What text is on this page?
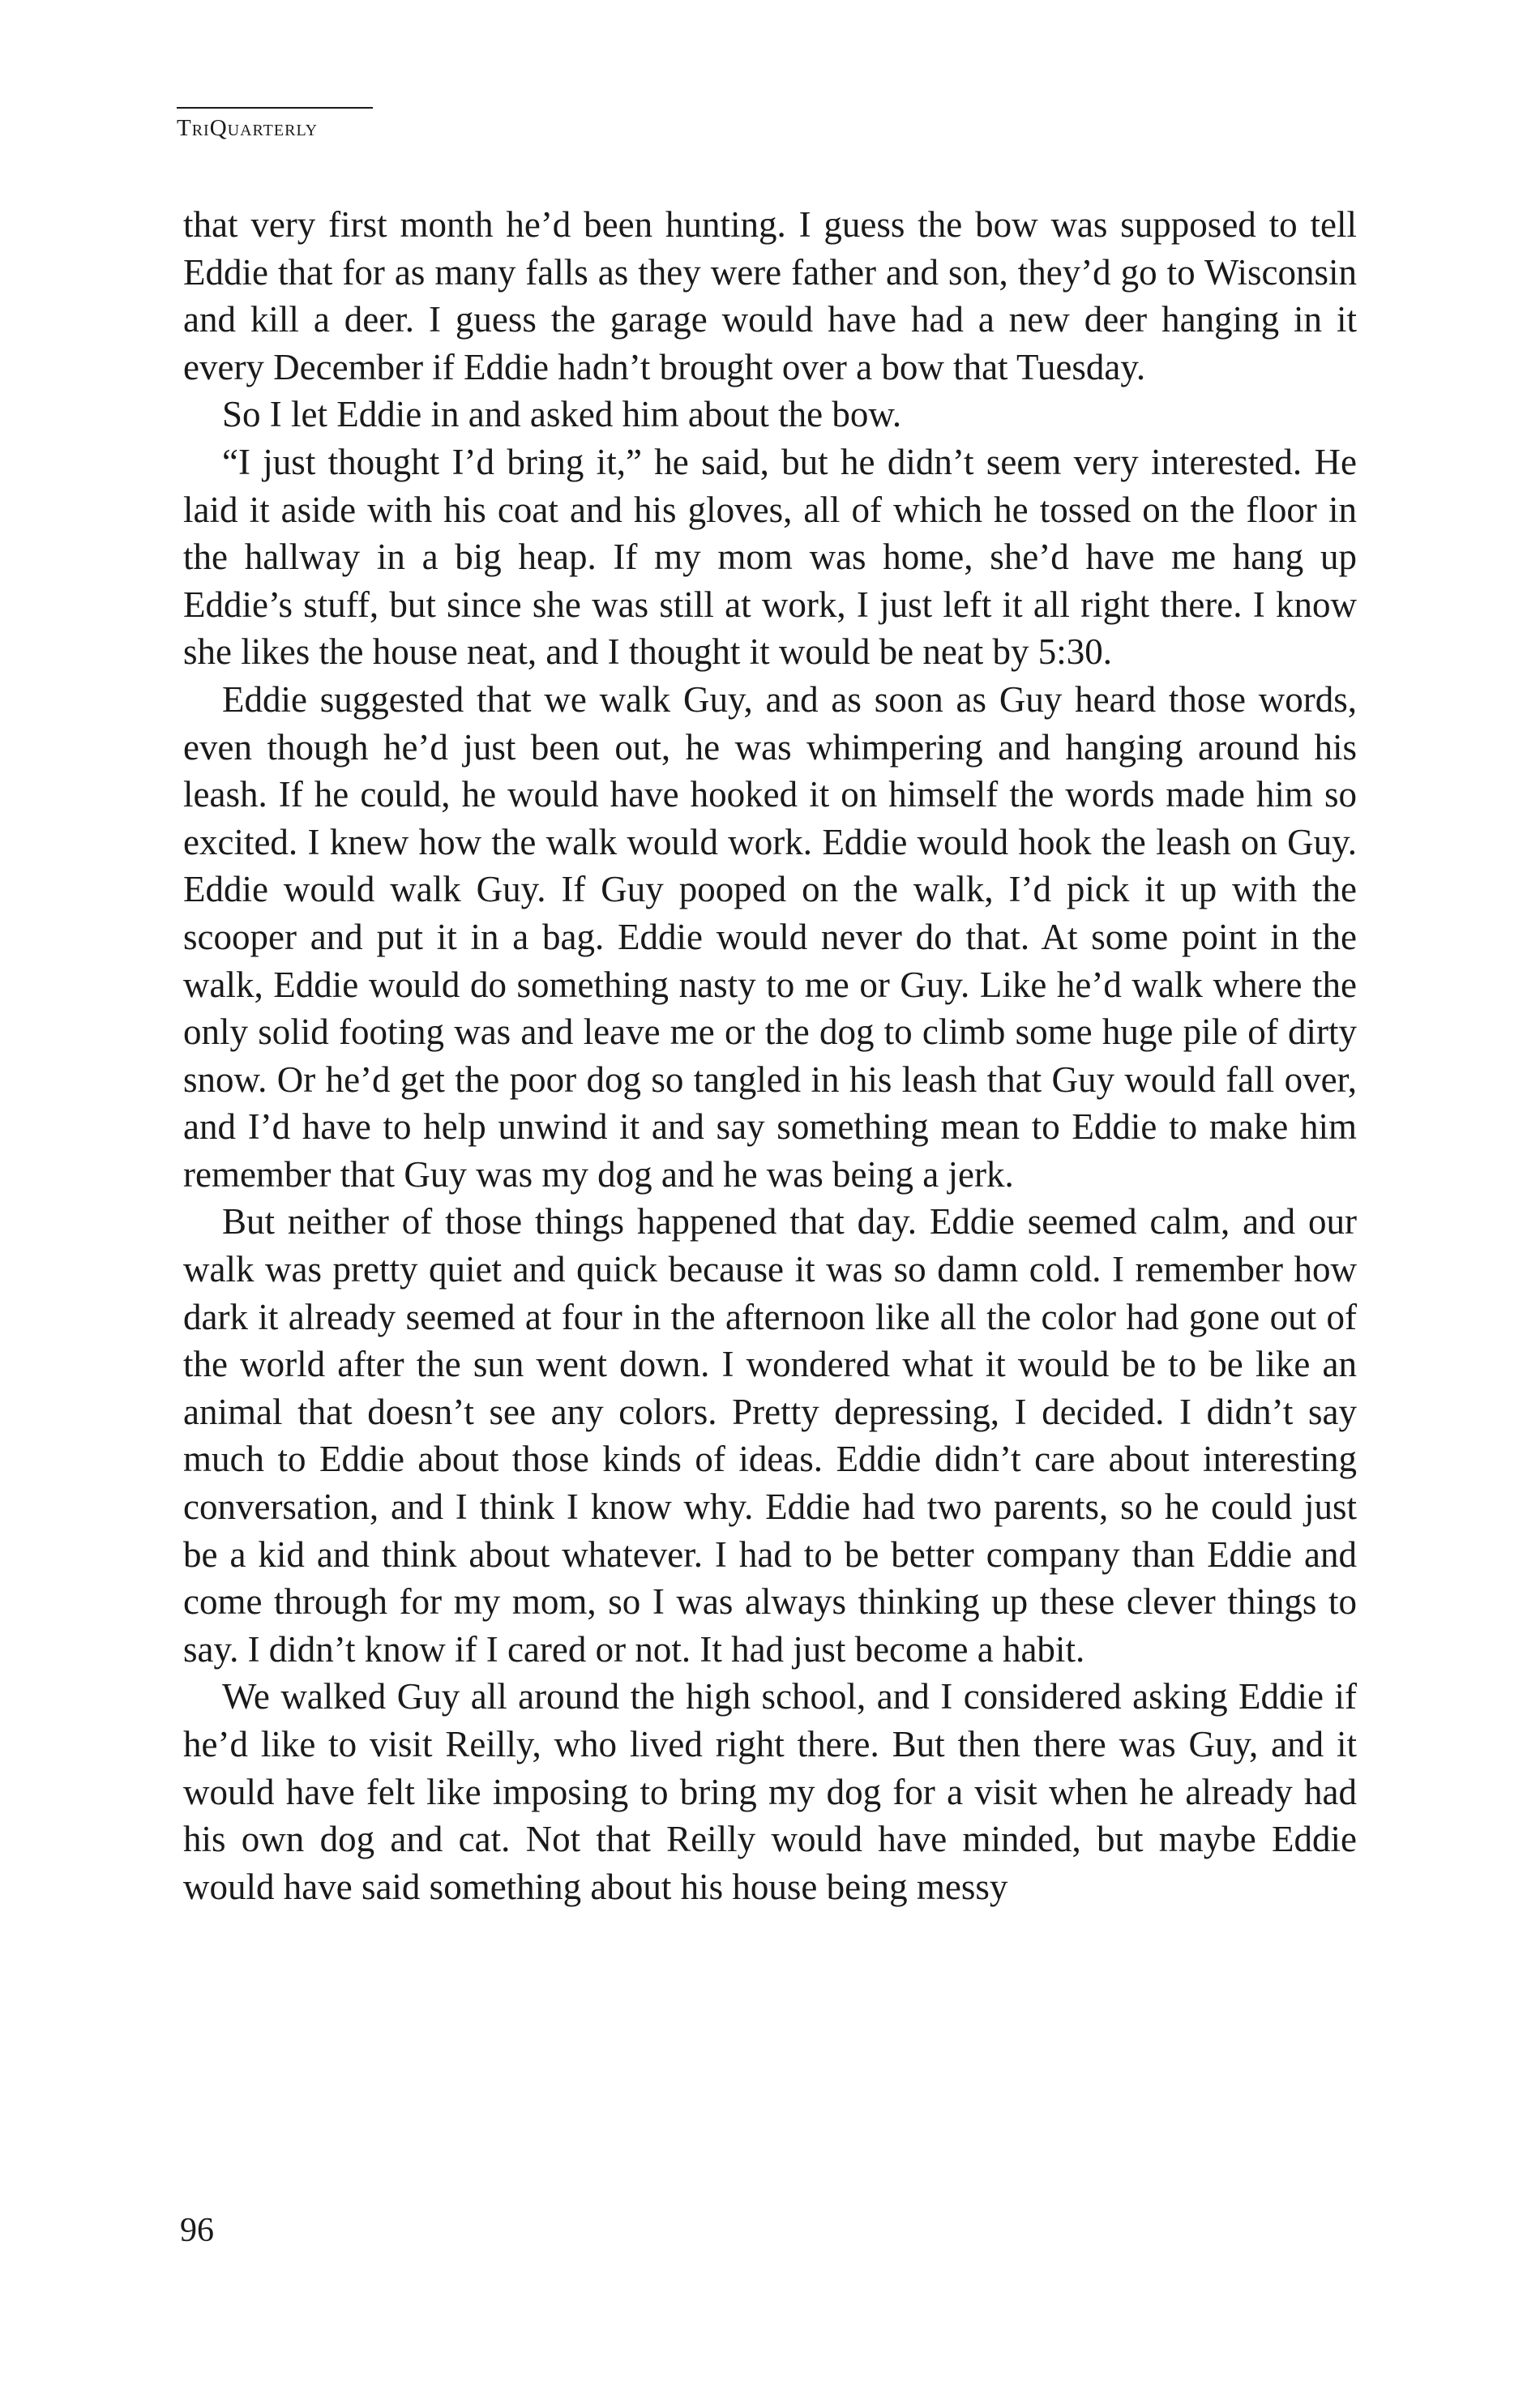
TriQuarterly

that very first month he’d been hunting. I guess the bow was supposed to tell Eddie that for as many falls as they were father and son, they’d go to Wisconsin and kill a deer. I guess the garage would have had a new deer hanging in it every December if Eddie hadn’t brought over a bow that Tuesday.

So I let Eddie in and asked him about the bow.

“I just thought I’d bring it,” he said, but he didn’t seem very interested. He laid it aside with his coat and his gloves, all of which he tossed on the floor in the hallway in a big heap. If my mom was home, she’d have me hang up Eddie’s stuff, but since she was still at work, I just left it all right there. I know she likes the house neat, and I thought it would be neat by 5:30.

Eddie suggested that we walk Guy, and as soon as Guy heard those words, even though he’d just been out, he was whimpering and hanging around his leash. If he could, he would have hooked it on himself the words made him so excited. I knew how the walk would work. Eddie would hook the leash on Guy. Eddie would walk Guy. If Guy pooped on the walk, I’d pick it up with the scooper and put it in a bag. Eddie would never do that. At some point in the walk, Eddie would do something nasty to me or Guy. Like he’d walk where the only solid footing was and leave me or the dog to climb some huge pile of dirty snow. Or he’d get the poor dog so tangled in his leash that Guy would fall over, and I’d have to help unwind it and say something mean to Eddie to make him remember that Guy was my dog and he was being a jerk.

But neither of those things happened that day. Eddie seemed calm, and our walk was pretty quiet and quick because it was so damn cold. I remember how dark it already seemed at four in the afternoon like all the color had gone out of the world after the sun went down. I wondered what it would be to be like an animal that doesn’t see any colors. Pretty depressing, I decided. I didn’t say much to Eddie about those kinds of ideas. Eddie didn’t care about interesting conversation, and I think I know why. Eddie had two parents, so he could just be a kid and think about whatever. I had to be better company than Eddie and come through for my mom, so I was always thinking up these clever things to say. I didn’t know if I cared or not. It had just become a habit.

We walked Guy all around the high school, and I considered asking Eddie if he’d like to visit Reilly, who lived right there. But then there was Guy, and it would have felt like imposing to bring my dog for a visit when he already had his own dog and cat. Not that Reilly would have minded, but maybe Eddie would have said something about his house being messy

96
